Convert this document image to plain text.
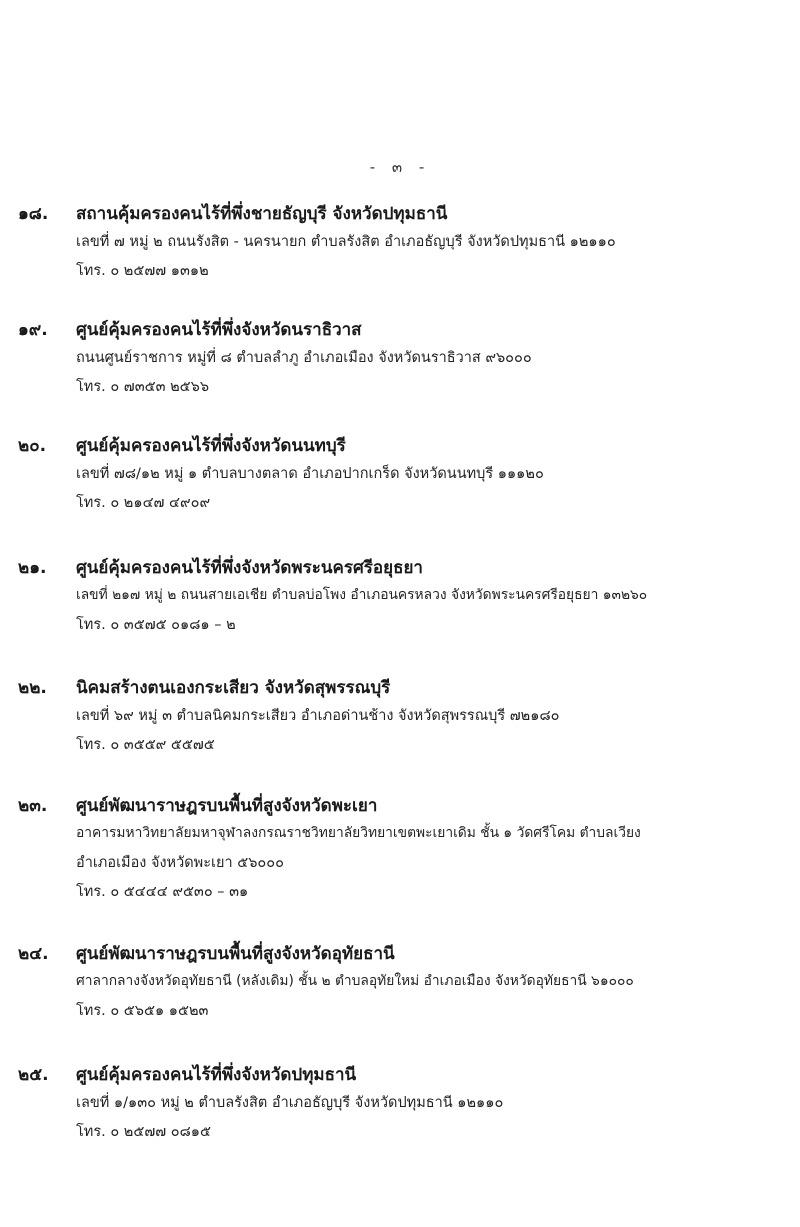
- ๓ -
๑๘. สถานคุ้มครองคนไร้ที่พึ่งชายธัญบุรี จังหวัดปทุมธานี
เลขที่ ๗ หมู่ ๒ ถนนรังสิต - นครนายก ตำบลรังสิต อำเภอธัญบุรี จังหวัดปทุมธานี ๑๒๑๑๐
โทร. ๐ ๒๕๗๗ ๑๓๑๒
๑๙. ศูนย์คุ้มครองคนไร้ที่พึ่งจังหวัดนราธิวาส
ถนนศูนย์ราชการ หมู่ที่ ๘ ตำบลลำภู อำเภอเมือง จังหวัดนราธิวาส ๙๖๐๐๐
โทร. ๐ ๗๓๕๓ ๒๕๖๖
๒๐. ศูนย์คุ้มครองคนไร้ที่พึ่งจังหวัดนนทบุรี
เลขที่ ๗๘/๑๒ หมู่ ๑ ตำบลบางตลาด อำเภอปากเกร็ด จังหวัดนนทบุรี ๑๑๑๒๐
โทร. ๐ ๒๑๔๗ ๔๙๐๙
๒๑. ศูนย์คุ้มครองคนไร้ที่พึ่งจังหวัดพระนครศรีอยุธยา
เลขที่ ๒๑๗ หมู่ ๒ ถนนสายเอเชีย ตำบลบ่อโพง อำเภอนครหลวง จังหวัดพระนครศรีอยุธยา ๑๓๒๖๐
โทร. ๐ ๓๕๗๕ ๐๑๘๑ – ๒
๒๒. นิคมสร้างตนเองกระเสียว จังหวัดสุพรรณบุรี
เลขที่ ๖๙ หมู่ ๓ ตำบลนิคมกระเสียว อำเภอด่านช้าง จังหวัดสุพรรณบุรี ๗๒๑๘๐
โทร. ๐ ๓๕๕๙ ๕๕๗๕
๒๓. ศูนย์พัฒนาราษฎรบนพื้นที่สูงจังหวัดพะเยา
อาคารมหาวิทยาลัยมหาจุฬาลงกรณราชวิทยาลัยวิทยาเขตพะเยาเดิม ชั้น ๑ วัดศรีโคม ตำบลเวียง
อำเภอเมือง จังหวัดพะเยา ๕๖๐๐๐
โทร. ๐ ๕๔๔๔ ๙๕๓๐ – ๓๑
๒๔. ศูนย์พัฒนาราษฎรบนพื้นที่สูงจังหวัดอุทัยธานี
ศาลากลางจังหวัดอุทัยธานี (หลังเดิม) ชั้น ๒ ตำบลอุทัยใหม่ อำเภอเมือง จังหวัดอุทัยธานี ๖๑๐๐๐
โทร. ๐ ๕๖๕๑ ๑๕๒๓
๒๕. ศูนย์คุ้มครองคนไร้ที่พึ่งจังหวัดปทุมธานี
เลขที่ ๑/๑๓๐ หมู่ ๒ ตำบลรังสิต อำเภอธัญบุรี จังหวัดปทุมธานี ๑๒๑๑๐
โทร. ๐ ๒๕๗๗ ๐๘๑๕
